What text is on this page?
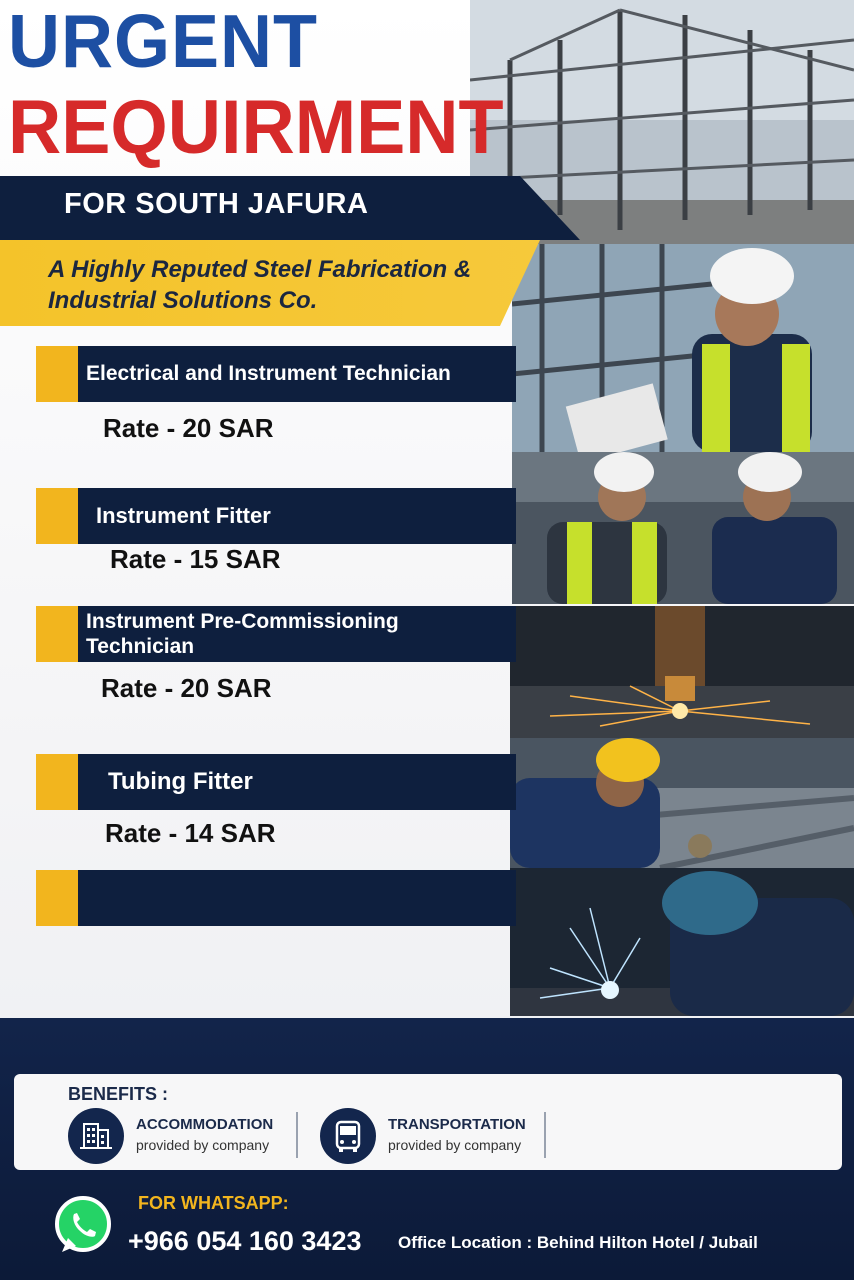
URGENT
REQUIRMENT
FOR SOUTH JAFURA
A Highly Reputed Steel Fabrication &
Industrial Solutions Co.
Electrical and Instrument Technician
Rate - 20 SAR
Instrument Fitter
Rate - 15 SAR
Instrument Pre-Commissioning Technician
Rate - 20 SAR
Tubing Fitter
Rate - 14 SAR
BENEFITS :
ACCOMMODATION
provided by company
TRANSPORTATION
provided by company
FOR WHATSAPP:
+966 054 160 3423 Office Location : Behind Hilton Hotel / Jubail
